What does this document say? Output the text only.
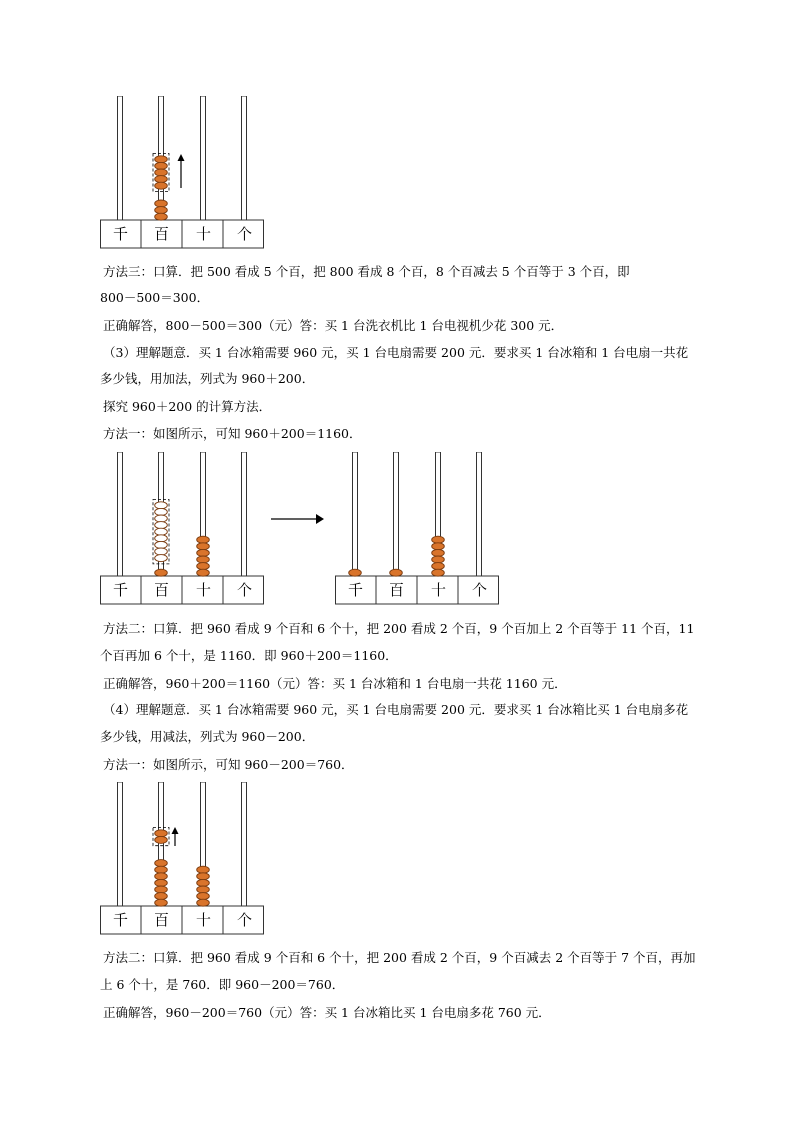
千 百 十 个
方法三：口算．把 500 看成 5 个百，把 800 看成 8 个百，8 个百减去 5 个百等于 3 个百，即
800－500＝300．
正确解答，800－500＝300（元）答：买 1 台洗衣机比 1 台电视机少花 300 元．
（3）理解题意．买 1 台冰箱需要 960 元，买 1 台电扇需要 200 元．要求买 1 台冰箱和 1 台电扇一共花
多少钱，用加法，列式为 960＋200．
探究 960＋200 的计算方法．
方法一：如图所示，可知 960＋200＝1160．
千 百 十 个	千 百 十 个
方法二：口算．把 960 看成 9 个百和 6 个十，把 200 看成 2 个百，9 个百加上 2 个百等于 11 个百，11
个百再加 6 个十，是 1160．即 960＋200＝1160．
正确解答，960＋200＝1160（元）答：买 1 台冰箱和 1 台电扇一共花 1160 元．
（4）理解题意．买 1 台冰箱需要 960 元，买 1 台电扇需要 200 元．要求买 1 台冰箱比买 1 台电扇多花
多少钱，用减法，列式为 960－200．
方法一：如图所示，可知 960－200＝760．
千 百 十 个
方法二：口算．把 960 看成 9 个百和 6 个十，把 200 看成 2 个百，9 个百减去 2 个百等于 7 个百，再加
上 6 个十，是 760．即 960－200＝760．
正确解答，960－200＝760（元）答：买 1 台冰箱比买 1 台电扇多花 760 元．
